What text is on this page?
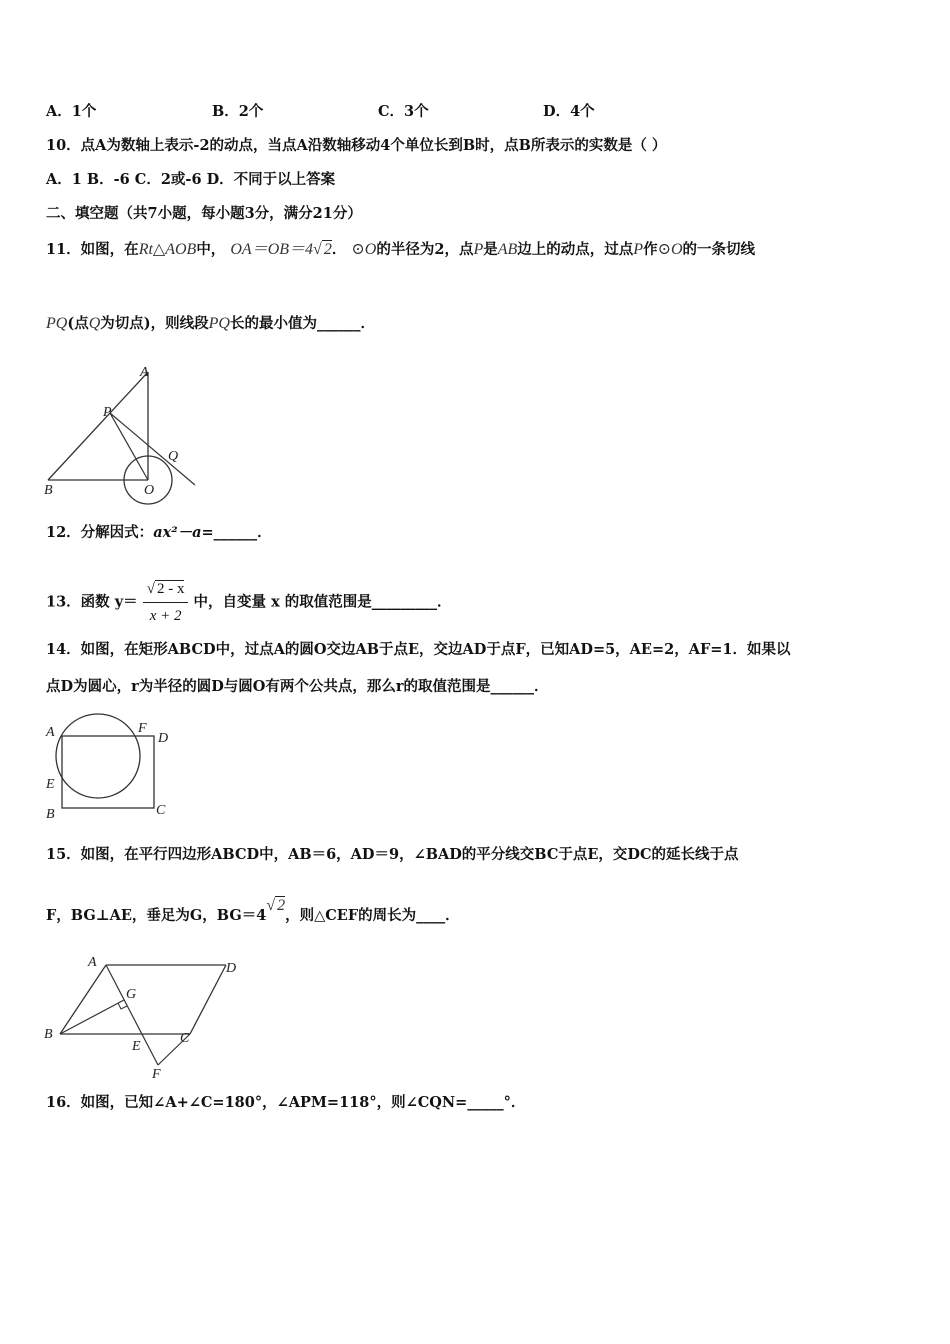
A．1个	B．2个	C．3个	D．4个
10．点A为数轴上表示-2的动点，当点A沿数轴移动4个单位长到B时，点B所表示的实数是（ ）
A．1 B．-6 C．2或-6 D．不同于以上答案
二、填空题（共7小题，每小题3分，满分21分）
11．如图，在Rt△AOB中， OA＝OB＝4√ 2． ⊙O的半径为2，点P是AB边上的动点，过点P作⊙O的一条切线
PQ(点Q为切点)，则线段PQ长的最小值为______．
A
P
Q
B	O
12．分解因式：ax²－a=______．
13．函数 $y= \frac{√ 2 - x}{x + 2}$ 中，自变量 x 的取值范围是_________．
14．如图，在矩形ABCD中，过点A的圆O交边AB于点E，交边AD于点F，已知AD=5，AE=2，AF=1．如果以
点D为圆心，r为半径的圆D与圆O有两个公共点，那么r的取值范围是______．
A	F
D
E
B	C
15．如图，在平行四边形ABCD中，AB＝6，AD＝9，∠BAD的平分线交BC于点E，交DC的延长线于点
F，BG⊥AE，垂足为G，BG＝4√ 2，则△CEF的周长为____．
A	D
G
B
E
C
F
16．如图，已知∠A+∠C=180°，∠APM=118°，则∠CQN=_____°．
